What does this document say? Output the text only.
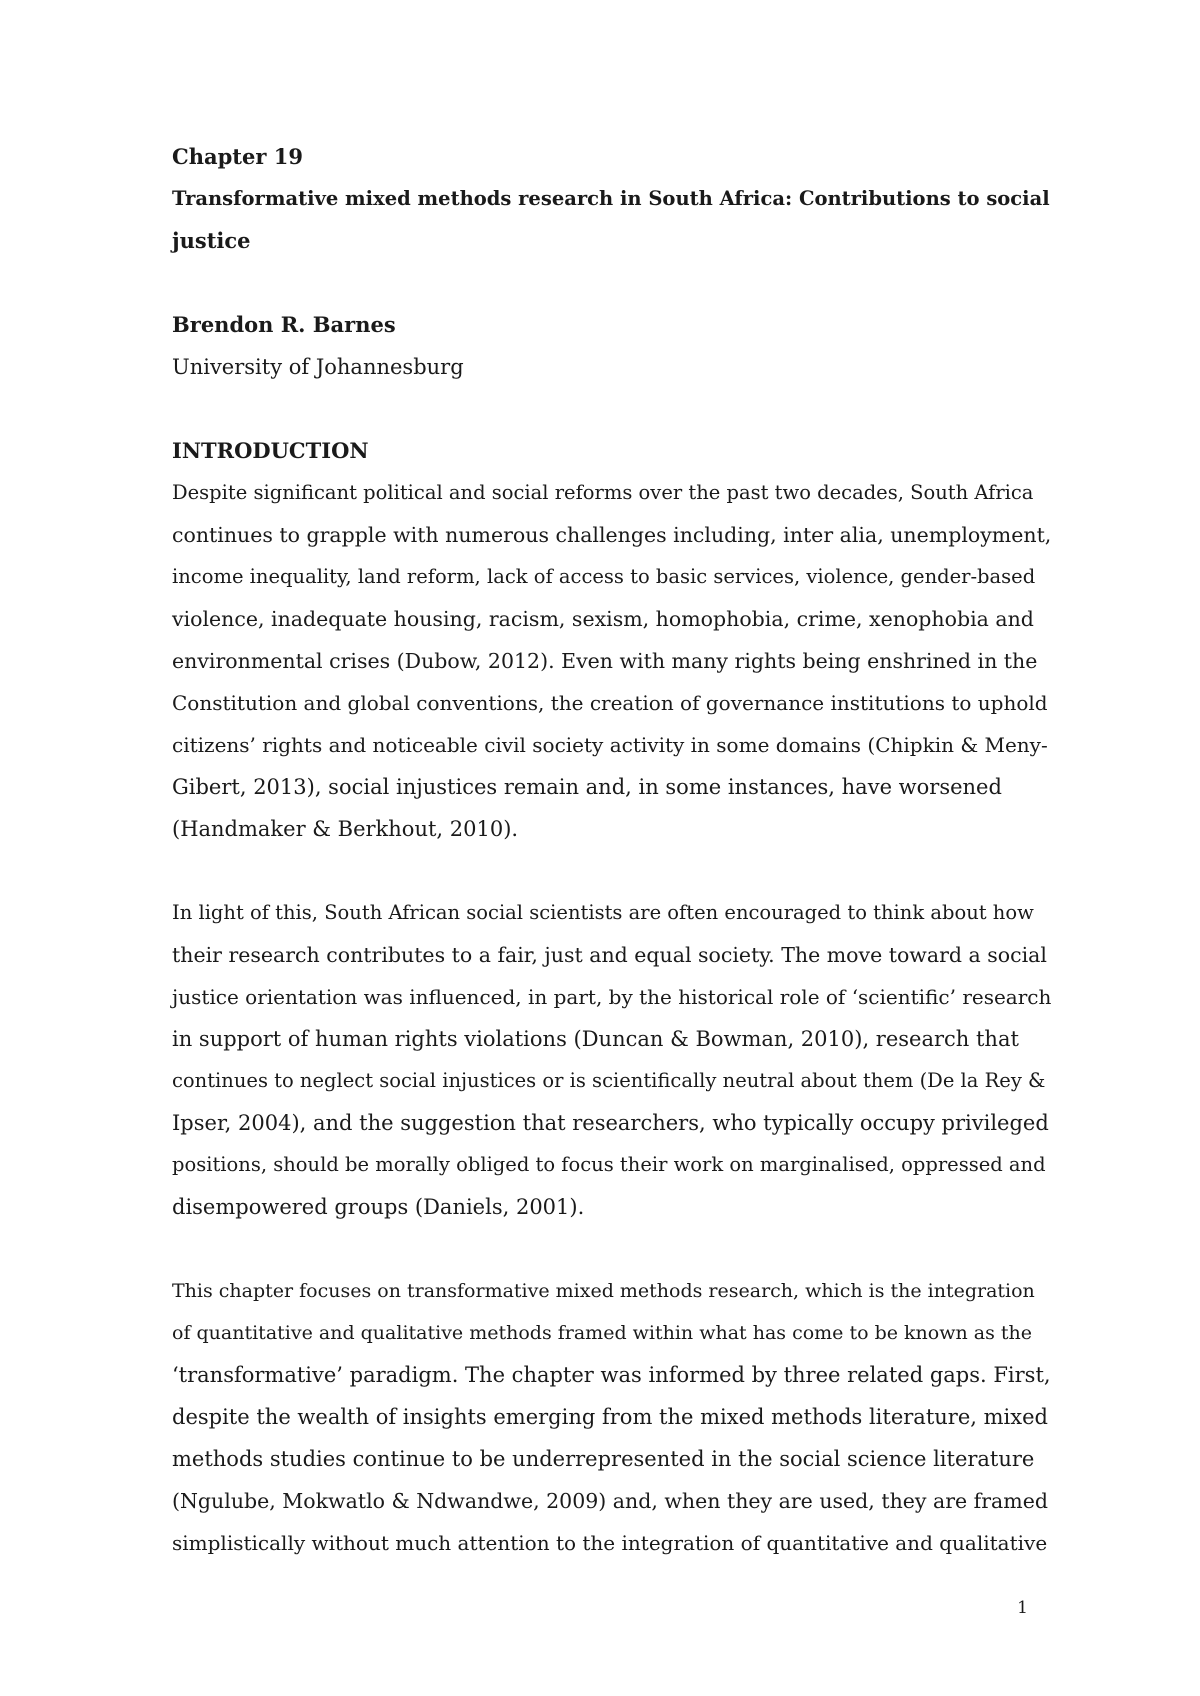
Chapter 19

Transformative mixed methods research in South Africa: Contributions to social

justice

Brendon R. Barnes

University of Johannesburg

INTRODUCTION

Despite significant political and social reforms over the past two decades, South Africa

continues to grapple with numerous challenges including, inter alia, unemployment,

income inequality, land reform, lack of access to basic services, violence, gender-based

violence, inadequate housing, racism, sexism, homophobia, crime, xenophobia and

environmental crises (Dubow, 2012). Even with many rights being enshrined in the

Constitution and global conventions, the creation of governance institutions to uphold

citizens’ rights and noticeable civil society activity in some domains (Chipkin & Meny-

Gibert, 2013), social injustices remain and, in some instances, have worsened

(Handmaker & Berkhout, 2010).

In light of this, South African social scientists are often encouraged to think about how

their research contributes to a fair, just and equal society. The move toward a social

justice orientation was influenced, in part, by the historical role of ‘scientific’ research

in support of human rights violations (Duncan & Bowman, 2010), research that

continues to neglect social injustices or is scientifically neutral about them (De la Rey &

Ipser, 2004), and the suggestion that researchers, who typically occupy privileged

positions, should be morally obliged to focus their work on marginalised, oppressed and

disempowered groups (Daniels, 2001).

This chapter focuses on transformative mixed methods research, which is the integration

of quantitative and qualitative methods framed within what has come to be known as the

‘transformative’ paradigm. The chapter was informed by three related gaps. First,

despite the wealth of insights emerging from the mixed methods literature, mixed

methods studies continue to be underrepresented in the social science literature

(Ngulube, Mokwatlo & Ndwandwe, 2009) and, when they are used, they are framed

simplistically without much attention to the integration of quantitative and qualitative

1
